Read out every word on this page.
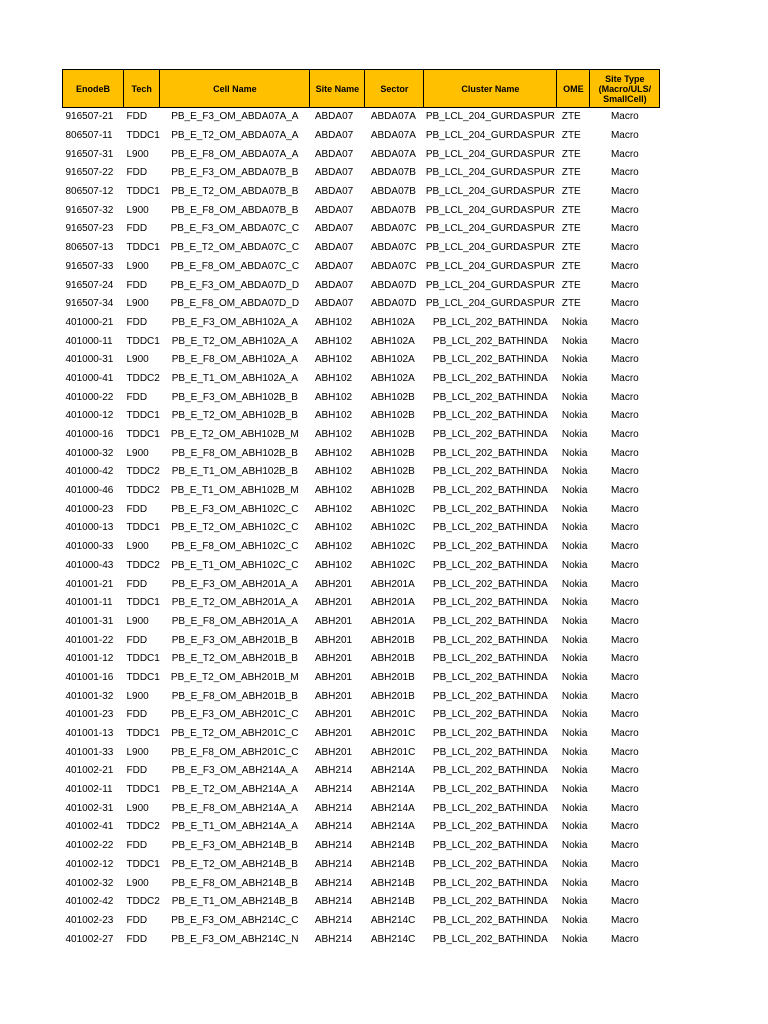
EnodeB	Tech	Cell Name	Site Name	Sector	Cluster Name	OME	Site Type (Macro/ULS/ SmallCell)
916507-21	FDD	PB_E_F3_OM_ABDA07A_A	ABDA07	ABDA07A	PB_LCL_204_GURDASPUR	ZTE	Macro
806507-11	TDDC1	PB_E_T2_OM_ABDA07A_A	ABDA07	ABDA07A	PB_LCL_204_GURDASPUR	ZTE	Macro
916507-31	L900	PB_E_F8_OM_ABDA07A_A	ABDA07	ABDA07A	PB_LCL_204_GURDASPUR	ZTE	Macro
916507-22	FDD	PB_E_F3_OM_ABDA07B_B	ABDA07	ABDA07B	PB_LCL_204_GURDASPUR	ZTE	Macro
806507-12	TDDC1	PB_E_T2_OM_ABDA07B_B	ABDA07	ABDA07B	PB_LCL_204_GURDASPUR	ZTE	Macro
916507-32	L900	PB_E_F8_OM_ABDA07B_B	ABDA07	ABDA07B	PB_LCL_204_GURDASPUR	ZTE	Macro
916507-23	FDD	PB_E_F3_OM_ABDA07C_C	ABDA07	ABDA07C	PB_LCL_204_GURDASPUR	ZTE	Macro
806507-13	TDDC1	PB_E_T2_OM_ABDA07C_C	ABDA07	ABDA07C	PB_LCL_204_GURDASPUR	ZTE	Macro
916507-33	L900	PB_E_F8_OM_ABDA07C_C	ABDA07	ABDA07C	PB_LCL_204_GURDASPUR	ZTE	Macro
916507-24	FDD	PB_E_F3_OM_ABDA07D_D	ABDA07	ABDA07D	PB_LCL_204_GURDASPUR	ZTE	Macro
916507-34	L900	PB_E_F8_OM_ABDA07D_D	ABDA07	ABDA07D	PB_LCL_204_GURDASPUR	ZTE	Macro
401000-21	FDD	PB_E_F3_OM_ABH102A_A	ABH102	ABH102A	PB_LCL_202_BATHINDA	Nokia	Macro
401000-11	TDDC1	PB_E_T2_OM_ABH102A_A	ABH102	ABH102A	PB_LCL_202_BATHINDA	Nokia	Macro
401000-31	L900	PB_E_F8_OM_ABH102A_A	ABH102	ABH102A	PB_LCL_202_BATHINDA	Nokia	Macro
401000-41	TDDC2	PB_E_T1_OM_ABH102A_A	ABH102	ABH102A	PB_LCL_202_BATHINDA	Nokia	Macro
401000-22	FDD	PB_E_F3_OM_ABH102B_B	ABH102	ABH102B	PB_LCL_202_BATHINDA	Nokia	Macro
401000-12	TDDC1	PB_E_T2_OM_ABH102B_B	ABH102	ABH102B	PB_LCL_202_BATHINDA	Nokia	Macro
401000-16	TDDC1	PB_E_T2_OM_ABH102B_M	ABH102	ABH102B	PB_LCL_202_BATHINDA	Nokia	Macro
401000-32	L900	PB_E_F8_OM_ABH102B_B	ABH102	ABH102B	PB_LCL_202_BATHINDA	Nokia	Macro
401000-42	TDDC2	PB_E_T1_OM_ABH102B_B	ABH102	ABH102B	PB_LCL_202_BATHINDA	Nokia	Macro
401000-46	TDDC2	PB_E_T1_OM_ABH102B_M	ABH102	ABH102B	PB_LCL_202_BATHINDA	Nokia	Macro
401000-23	FDD	PB_E_F3_OM_ABH102C_C	ABH102	ABH102C	PB_LCL_202_BATHINDA	Nokia	Macro
401000-13	TDDC1	PB_E_T2_OM_ABH102C_C	ABH102	ABH102C	PB_LCL_202_BATHINDA	Nokia	Macro
401000-33	L900	PB_E_F8_OM_ABH102C_C	ABH102	ABH102C	PB_LCL_202_BATHINDA	Nokia	Macro
401000-43	TDDC2	PB_E_T1_OM_ABH102C_C	ABH102	ABH102C	PB_LCL_202_BATHINDA	Nokia	Macro
401001-21	FDD	PB_E_F3_OM_ABH201A_A	ABH201	ABH201A	PB_LCL_202_BATHINDA	Nokia	Macro
401001-11	TDDC1	PB_E_T2_OM_ABH201A_A	ABH201	ABH201A	PB_LCL_202_BATHINDA	Nokia	Macro
401001-31	L900	PB_E_F8_OM_ABH201A_A	ABH201	ABH201A	PB_LCL_202_BATHINDA	Nokia	Macro
401001-22	FDD	PB_E_F3_OM_ABH201B_B	ABH201	ABH201B	PB_LCL_202_BATHINDA	Nokia	Macro
401001-12	TDDC1	PB_E_T2_OM_ABH201B_B	ABH201	ABH201B	PB_LCL_202_BATHINDA	Nokia	Macro
401001-16	TDDC1	PB_E_T2_OM_ABH201B_M	ABH201	ABH201B	PB_LCL_202_BATHINDA	Nokia	Macro
401001-32	L900	PB_E_F8_OM_ABH201B_B	ABH201	ABH201B	PB_LCL_202_BATHINDA	Nokia	Macro
401001-23	FDD	PB_E_F3_OM_ABH201C_C	ABH201	ABH201C	PB_LCL_202_BATHINDA	Nokia	Macro
401001-13	TDDC1	PB_E_T2_OM_ABH201C_C	ABH201	ABH201C	PB_LCL_202_BATHINDA	Nokia	Macro
401001-33	L900	PB_E_F8_OM_ABH201C_C	ABH201	ABH201C	PB_LCL_202_BATHINDA	Nokia	Macro
401002-21	FDD	PB_E_F3_OM_ABH214A_A	ABH214	ABH214A	PB_LCL_202_BATHINDA	Nokia	Macro
401002-11	TDDC1	PB_E_T2_OM_ABH214A_A	ABH214	ABH214A	PB_LCL_202_BATHINDA	Nokia	Macro
401002-31	L900	PB_E_F8_OM_ABH214A_A	ABH214	ABH214A	PB_LCL_202_BATHINDA	Nokia	Macro
401002-41	TDDC2	PB_E_T1_OM_ABH214A_A	ABH214	ABH214A	PB_LCL_202_BATHINDA	Nokia	Macro
401002-22	FDD	PB_E_F3_OM_ABH214B_B	ABH214	ABH214B	PB_LCL_202_BATHINDA	Nokia	Macro
401002-12	TDDC1	PB_E_T2_OM_ABH214B_B	ABH214	ABH214B	PB_LCL_202_BATHINDA	Nokia	Macro
401002-32	L900	PB_E_F8_OM_ABH214B_B	ABH214	ABH214B	PB_LCL_202_BATHINDA	Nokia	Macro
401002-42	TDDC2	PB_E_T1_OM_ABH214B_B	ABH214	ABH214B	PB_LCL_202_BATHINDA	Nokia	Macro
401002-23	FDD	PB_E_F3_OM_ABH214C_C	ABH214	ABH214C	PB_LCL_202_BATHINDA	Nokia	Macro
401002-27	FDD	PB_E_F3_OM_ABH214C_N	ABH214	ABH214C	PB_LCL_202_BATHINDA	Nokia	Macro
